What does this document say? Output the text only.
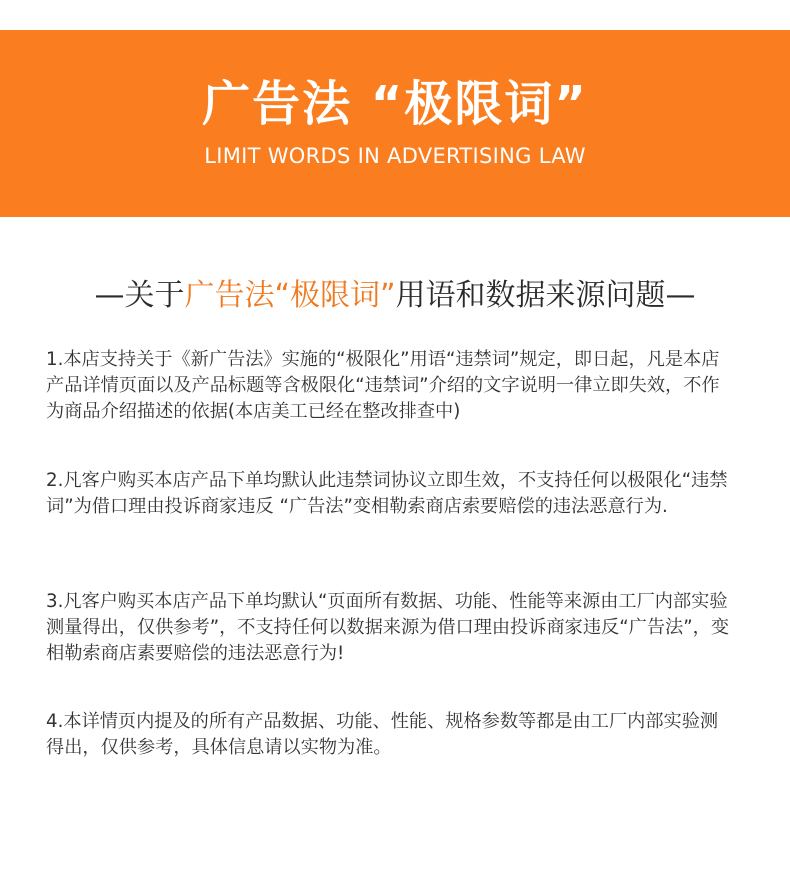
广告法 “极限词”
LIMIT WORDS IN ADVERTISING LAW
—关于广告法“极限词”用语和数据来源问题—

1.本店支持关于《新广告法》实施的“极限化”用语“违禁词”规定，即日起，凡是本店产品详情页面以及产品标题等含极限化“违禁词”介绍的文字说明一律立即失效，不作为商品介绍描述的依据(本店美工已经在整改排查中)

2.凡客户购买本店产品下单均默认此违禁词协议立即生效，不支持任何以极限化“违禁词”为借口理由投诉商家违反 “广告法”变相勒索商店索要赔偿的违法恶意行为.

3.凡客户购买本店产品下单均默认“页面所有数据、功能、性能等来源由工厂内部实验测量得出，仅供参考”，不支持任何以数据来源为借口理由投诉商家违反“广告法”，变相勒索商店素要赔偿的违法恶意行为!

4.本详情页内提及的所有产品数据、功能、性能、规格参数等都是由工厂内部实验测得出，仅供参考，具体信息请以实物为准。
